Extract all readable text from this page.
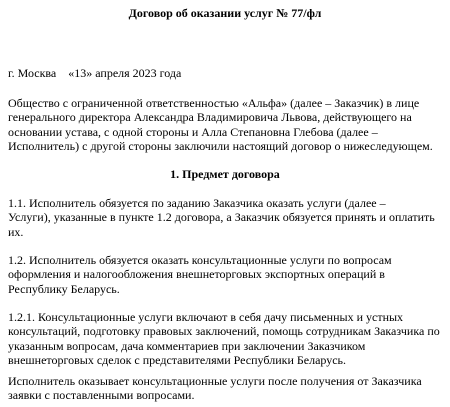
Договор об оказании услуг № 77/фл
г. Москва «13» апреля 2023 года

Общество с ограниченной ответственностью «Альфа» (далее – Заказчик) в лице
генерального директора Александра Владимировича Львова, действующего на
основании устава, с одной стороны и Алла Степановна Глебова (далее –
Исполнитель) с другой стороны заключили настоящий договор о нижеследующем.

1. Предмет договора

1.1. Исполнитель обязуется по заданию Заказчика оказать услуги (далее –
Услуги), указанные в пункте 1.2 договора, а Заказчик обязуется принять и оплатить
их.

1.2. Исполнитель обязуется оказать консультационные услуги по вопросам
оформления и налогообложения внешнеторговых экспортных операций в
Республику Беларусь.

1.2.1. Консультационные услуги включают в себя дачу письменных и устных
консультаций, подготовку правовых заключений, помощь сотрудникам Заказчика по
указанным вопросам, дача комментариев при заключении Заказчиком
внешнеторговых сделок с представителями Республики Беларусь.

Исполнитель оказывает консультационные услуги после получения от Заказчика
заявки с поставленными вопросами.
